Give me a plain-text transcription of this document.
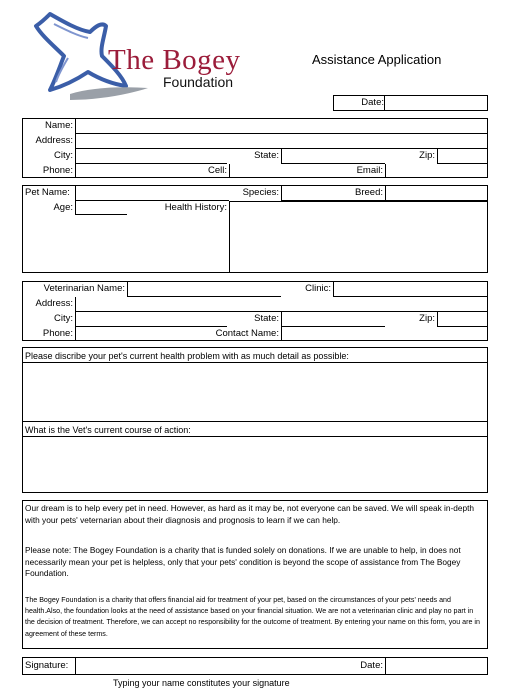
The Bogey
Foundation
Assistance Application
Date:
Name:
Address:
City:	State:	Zip:
Phone:	Cell:	Email:
Pet Name:	Species:	Breed:
Age:	Health History:
Veterinarian Name:	Clinic:
Address:
City:	State:	Zip:
Phone:	Contact Name:
Please discribe your pet's current health problem with as much detail as possible:
What is the Vet's current course of action:
Our dream is to help every pet in need. However, as hard as it may be, not everyone can be saved. We will speak in-depth with your pets' veternarian about their diagnosis and prognosis to learn if we can help.
Please note: The Bogey Foundation is a charity that is funded solely on donations. If we are unable to help, in does not necessarily mean your pet is helpless, only that your pets' condition is beyond the scope of assistance from The Bogey Foundation.
The Bogey Foundation is a charity that offers financial aid for treatment of your pet, based on the circumstances of your pets' needs and health.Also, the foundation looks at the need of assistance based on your financial situation. We are not a veterinarian clinic and play no part in the decision of treatment. Therefore, we can accept no responsibility for the outcome of treatment. By entering your name on this form, you are in agreement of these terms.
Signature:	Date:
Typing your name constitutes your signature
